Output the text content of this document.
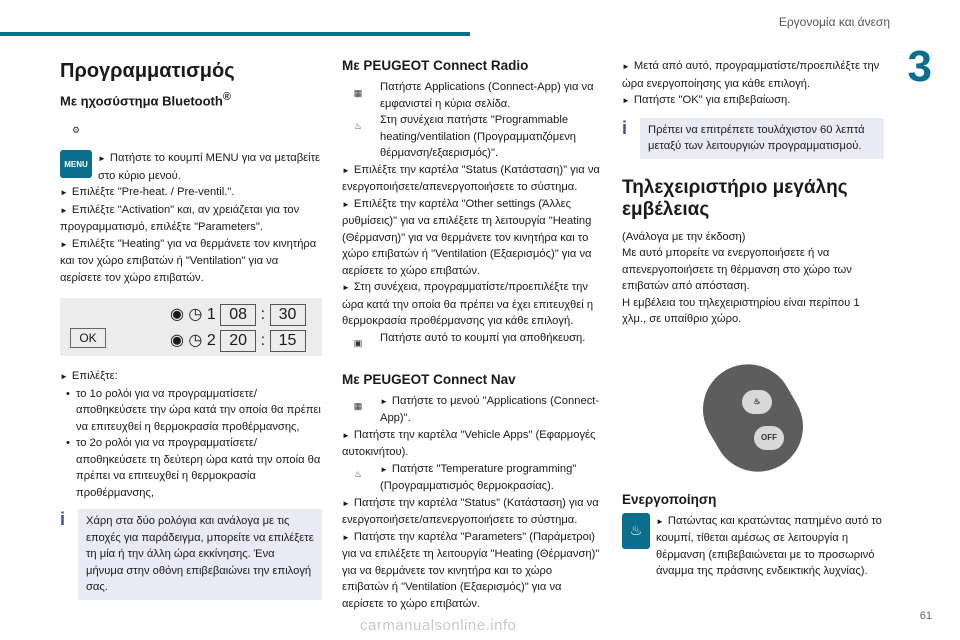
Εργονομία και άνεση
3
61
carmanualsonline.info
Προγραμματισμός
Με ηχοσύστημα Bluetooth®
⚙
MENU	► Πατήστε το κουμπί MENU για να μεταβείτε στο κύριο μενού.

► Επιλέξτε "Pre-heat. / Pre-ventil.".

► Επιλέξτε "Activation" και, αν χρειάζεται για τον προγραμματισμό, επιλέξτε "Parameters".

► Επιλέξτε "Heating" για να θερμάνετε τον κινητήρα και τον χώρο επιβατών ή "Ventilation" για να αερίσετε τον χώρο επιβατών.

OK
◉ ◷ 1 08 : 30
◉ ◷ 2 20 : 15

► Επιλέξτε:

• το 1ο ρολόι για να προγραμματίσετε/αποθηκεύσετε την ώρα κατά την οποία θα πρέπει να επιτευχθεί η θερμοκρασία προθέρμανσης,

• το 2ο ρολόι για να προγραμματίσετε/αποθηκεύσετε τη δεύτερη ώρα κατά την οποία θα πρέπει να επιτευχθεί η θερμοκρασία προθέρμανσης,

i	Χάρη στα δύο ρολόγια και ανάλογα με τις εποχές για παράδειγμα, μπορείτε να επιλέξετε τη μία ή την άλλη ώρα εκκίνησης. Ένα μήνυμα στην οθόνη επιβεβαιώνει την επιλογή σας.

Με PEUGEOT Connect Radio
▦	Πατήστε Applications (Connect-App) για να εμφανιστεί η κύρια σελίδα.

♨	Στη συνέχεια πατήστε "Programmable heating/ventilation (Προγραμματιζόμενη θέρμανση/εξαερισμός)".

► Επιλέξτε την καρτέλα "Status (Κατάσταση)" για να ενεργοποιήσετε/απενεργοποιήσετε το σύστημα.

► Επιλέξτε την καρτέλα "Other settings (Άλλες ρυθμίσεις)" για να επιλέξετε τη λειτουργία "Heating (Θέρμανση)" για να θερμάνετε τον κινητήρα και το χώρο επιβατών ή "Ventilation (Εξαερισμός)" για να αερίσετε το χώρο επιβατών.

► Στη συνέχεια, προγραμματίστε/προεπιλέξτε την ώρα κατά την οποία θα πρέπει να έχει επιτευχθεί η θερμοκρασία προθέρμανσης για κάθε επιλογή.

▣	Πατήστε αυτό το κουμπί για αποθήκευση.

Με PEUGEOT Connect Nav
▦	► Πατήστε το μενού "Applications (Connect-App)".

► Πατήστε την καρτέλα "Vehicle Apps" (Εφαρμογές αυτοκινήτου).

♨	► Πατήστε "Temperature programming" (Προγραμματισμός θερμοκρασίας).

► Πατήστε την καρτέλα "Status" (Κατάσταση) για να ενεργοποιήσετε/απενεργοποιήσετε το σύστημα.

► Πατήστε την καρτέλα "Parameters" (Παράμετροι) για να επιλέξετε τη λειτουργία "Heating (Θέρμανση)" για να θερμάνετε τον κινητήρα και το χώρο επιβατών ή "Ventilation (Εξαερισμός)" για να αερίσετε το χώρο επιβατών.

► Μετά από αυτό, προγραμματίστε/προεπιλέξτε την ώρα ενεργοποίησης για κάθε επιλογή.

► Πατήστε "OK" για επιβεβαίωση.

i	Πρέπει να επιτρέπετε τουλάχιστον 60 λεπτά μεταξύ των λειτουργιών προγραμματισμού.

Τηλεχειριστήριο μεγάλης εμβέλειας

(Ανάλογα με την έκδοση)

Με αυτό μπορείτε να ενεργοποιήσετε ή να απενεργοποιήσετε τη θέρμανση στο χώρο των επιβατών από απόσταση.

Η εμβέλεια του τηλεχειριστηρίου είναι περίπου 1 χλμ., σε υπαίθριο χώρο.

♨
OFF
Ενεργοποίηση
♨

► Πατώντας και κρατώντας πατημένο αυτό το κουμπί, τίθεται αμέσως σε λειτουργία η θέρμανση (επιβεβαιώνεται με το προσωρινό άναμμα της πράσινης ενδεικτικής λυχνίας).
